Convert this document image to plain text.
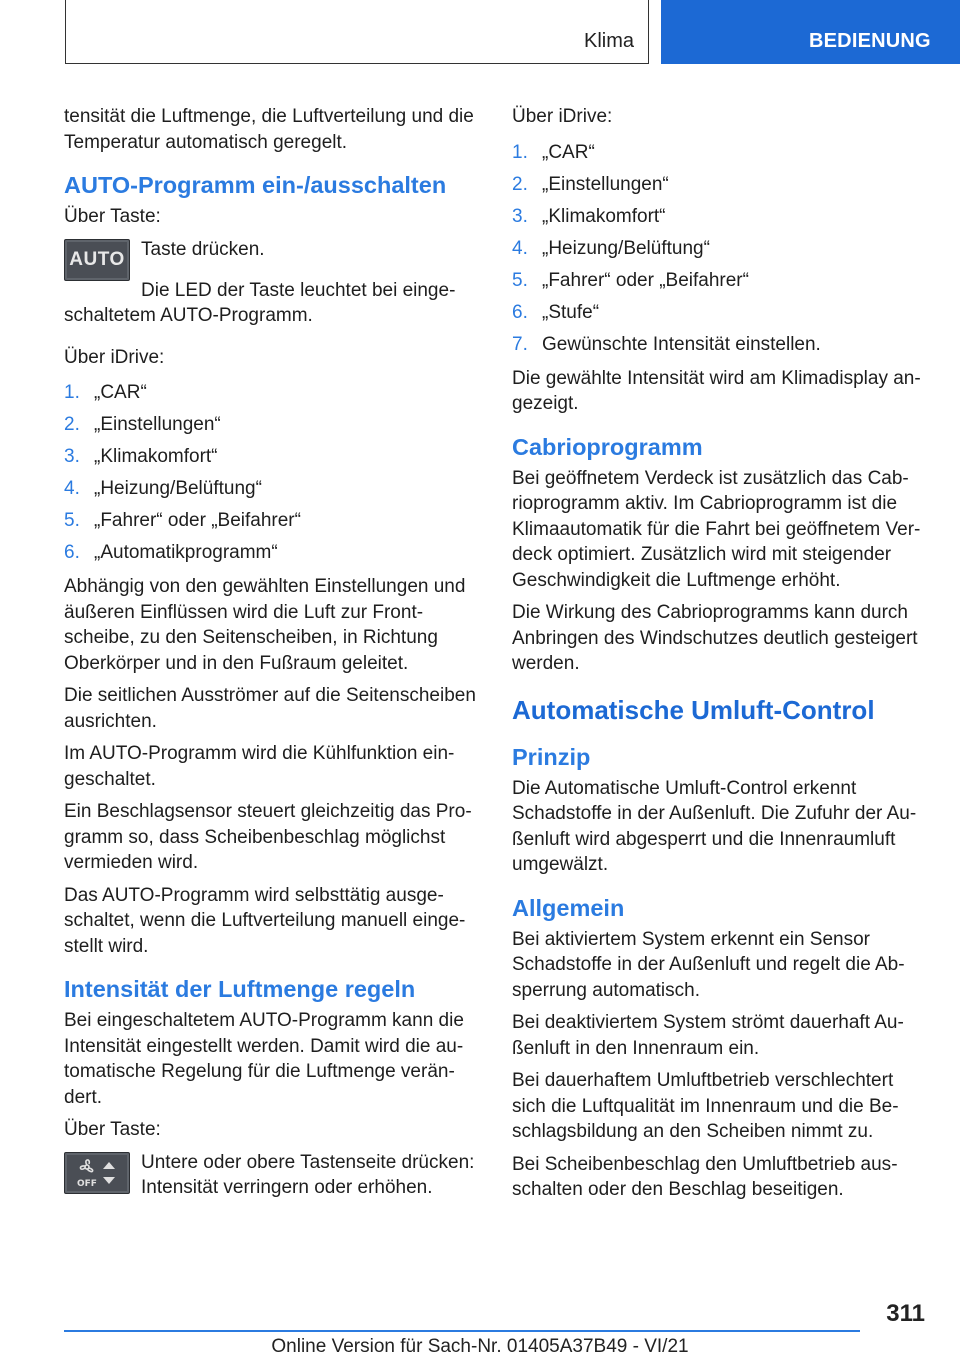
Klima	BEDIENUNG

tensität die Luftmenge, die Luftverteilung und die Temperatur automatisch geregelt.

AUTO-Programm ein-/ausschalten

Über Taste:

AUTO Taste drücken.

Die LED der Taste leuchtet bei eingeschaltetem AUTO-Programm.

Über iDrive:

1. „CAR“
2. „Einstellungen“
3. „Klimakomfort“
4. „Heizung/Belüftung“
5. „Fahrer“ oder „Beifahrer“
6. „Automatikprogramm“

Abhängig von den gewählten Einstellungen und äußeren Einflüssen wird die Luft zur Frontscheibe, zu den Seitenscheiben, in Richtung Oberkörper und in den Fußraum geleitet.

Die seitlichen Ausströmer auf die Seitenscheiben ausrichten.

Im AUTO-Programm wird die Kühlfunktion eingeschaltet.

Ein Beschlagsensor steuert gleichzeitig das Programm so, dass Scheibenbeschlag möglichst vermieden wird.

Das AUTO-Programm wird selbsttätig ausgeschaltet, wenn die Luftverteilung manuell eingestellt wird.

Intensität der Luftmenge regeln

Bei eingeschaltetem AUTO-Programm kann die Intensität eingestellt werden. Damit wird die automatische Regelung für die Luftmenge verändert.

Über Taste:

OFF

Untere oder obere Tastenseite drücken: Intensität verringern oder erhöhen.

Über iDrive:

1. „CAR“
2. „Einstellungen“
3. „Klimakomfort“
4. „Heizung/Belüftung“
5. „Fahrer“ oder „Beifahrer“
6. „Stufe“
7. Gewünschte Intensität einstellen.

Die gewählte Intensität wird am Klimadisplay angezeigt.

Cabrioprogramm

Bei geöffnetem Verdeck ist zusätzlich das Cabrioprogramm aktiv. Im Cabrioprogramm ist die Klimaautomatik für die Fahrt bei geöffnetem Verdeck optimiert. Zusätzlich wird mit steigender Geschwindigkeit die Luftmenge erhöht.

Die Wirkung des Cabrioprogramms kann durch Anbringen des Windschutzes deutlich gesteigert werden.

Automatische Umluft-Control
Prinzip

Die Automatische Umluft-Control erkennt Schadstoffe in der Außenluft. Die Zufuhr der Außenluft wird abgesperrt und die Innenraumluft umgewälzt.

Allgemein

Bei aktiviertem System erkennt ein Sensor Schadstoffe in der Außenluft und regelt die Absperrung automatisch.

Bei deaktiviertem System strömt dauerhaft Außenluft in den Innenraum ein.

Bei dauerhaftem Umluftbetrieb verschlechtert sich die Luftqualität im Innenraum und die Beschlagsbildung an den Scheiben nimmt zu.

Bei Scheibenbeschlag den Umluftbetrieb ausschalten oder den Beschlag beseitigen.

311
Online Version für Sach-Nr. 01405A37B49 - VI/21
